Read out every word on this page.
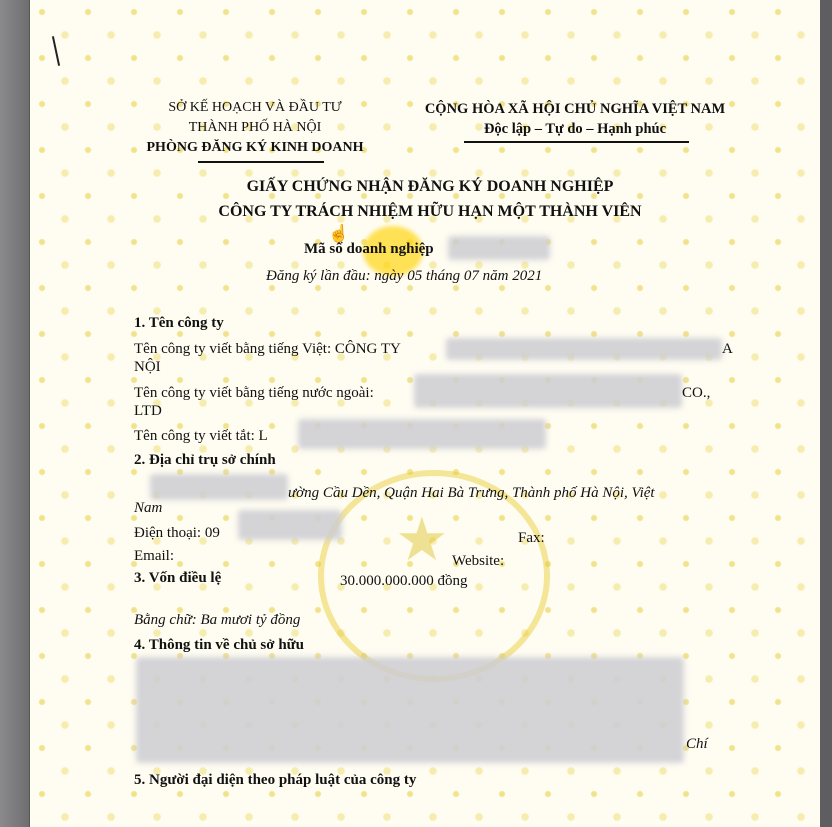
★
SỞ KẾ HOẠCH VÀ ĐẦU TƯ
THÀNH PHỐ HÀ NỘI
PHÒNG ĐĂNG KÝ KINH DOANH
CỘNG HÒA XÃ HỘI CHỦ NGHĨA VIỆT NAM
Độc lập – Tự do – Hạnh phúc
GIẤY CHỨNG NHẬN ĐĂNG KÝ DOANH NGHIỆP
CÔNG TY TRÁCH NHIỆM HỮU HẠN MỘT THÀNH VIÊN
☝
Mã số doanh nghiệp
Đăng ký lần đầu: ngày 05 tháng 07 năm 2021
1. Tên công ty
Tên công ty viết bằng tiếng Việt: CÔNG TY	A
NỘI
Tên công ty viết bằng tiếng nước ngoài:	CO.,
LTD
Tên công ty viết tắt: L
2. Địa chỉ trụ sở chính
ường Cầu Dền, Quận Hai Bà Trưng, Thành phố Hà Nội, Việt
Nam
Điện thoại: 09	Fax:
Email:	Website:
3. Vốn điều lệ	30.000.000.000 đồng
Bằng chữ: Ba mươi tỷ đồng
4. Thông tin về chủ sở hữu
Chí
5. Người đại diện theo pháp luật của công ty
